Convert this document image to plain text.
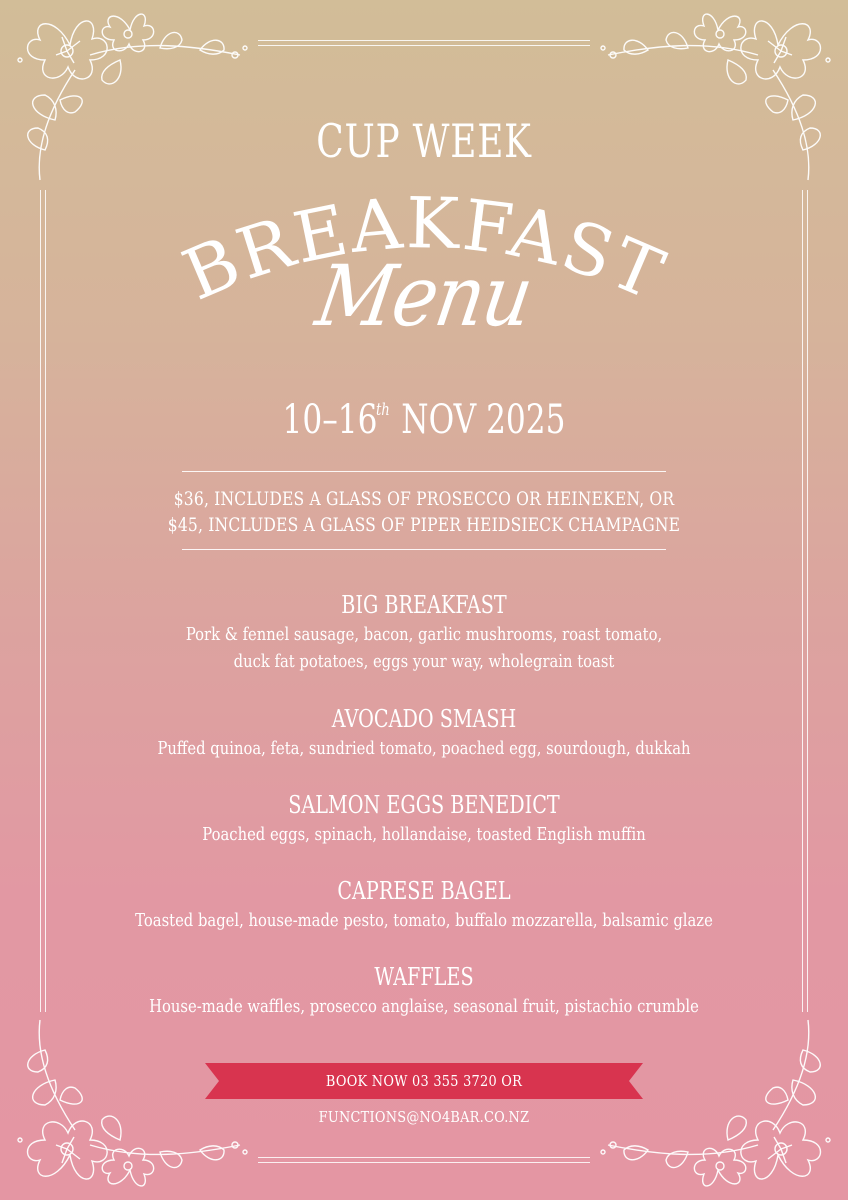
CUP WEEK
BREAKFAST
Menu
10–16th NOV 2025
$36, INCLUDES A GLASS OF PROSECCO OR HEINEKEN, OR
$45, INCLUDES A GLASS OF PIPER HEIDSIECK CHAMPAGNE
BIG BREAKFAST
Pork & fennel sausage, bacon, garlic mushrooms, roast tomato,
duck fat potatoes, eggs your way, wholegrain toast
AVOCADO SMASH
Puffed quinoa, feta, sundried tomato, poached egg, sourdough, dukkah
SALMON EGGS BENEDICT
Poached eggs, spinach, hollandaise, toasted English muffin
CAPRESE BAGEL
Toasted bagel, house-made pesto, tomato, buffalo mozzarella, balsamic glaze
WAFFLES
House-made waffles, prosecco anglaise, seasonal fruit, pistachio crumble
BOOK NOW 03 355 3720 OR FUNCTIONS@NO4BAR.CO.NZ
